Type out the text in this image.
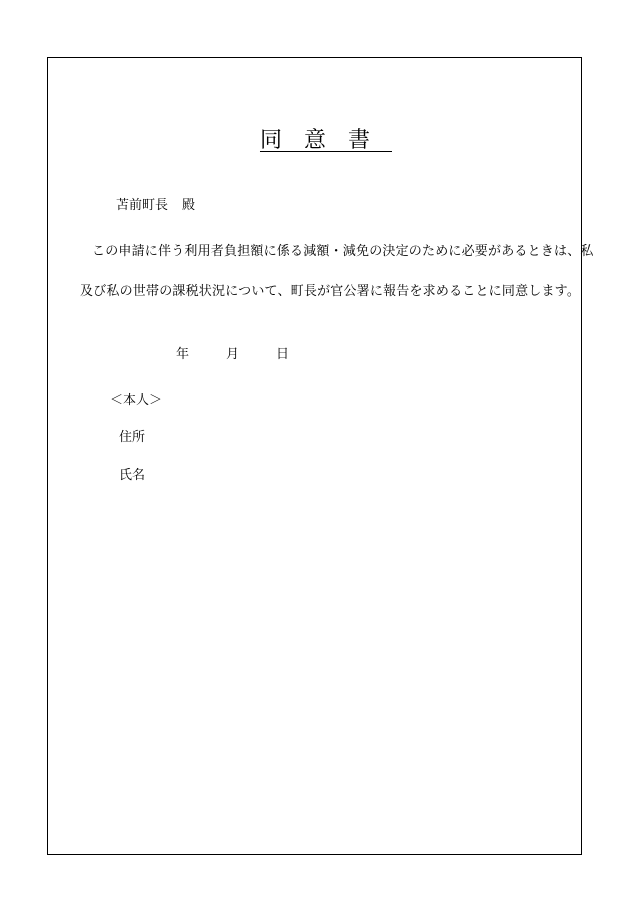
同意書
苫前町長 殿
この申請に伴う利用者負担額に係る減額・減免の決定のために必要があるときは、私
及び私の世帯の課税状況について、町長が官公署に報告を求めることに同意します。
年	月	日
＜本人＞
住所
氏名
